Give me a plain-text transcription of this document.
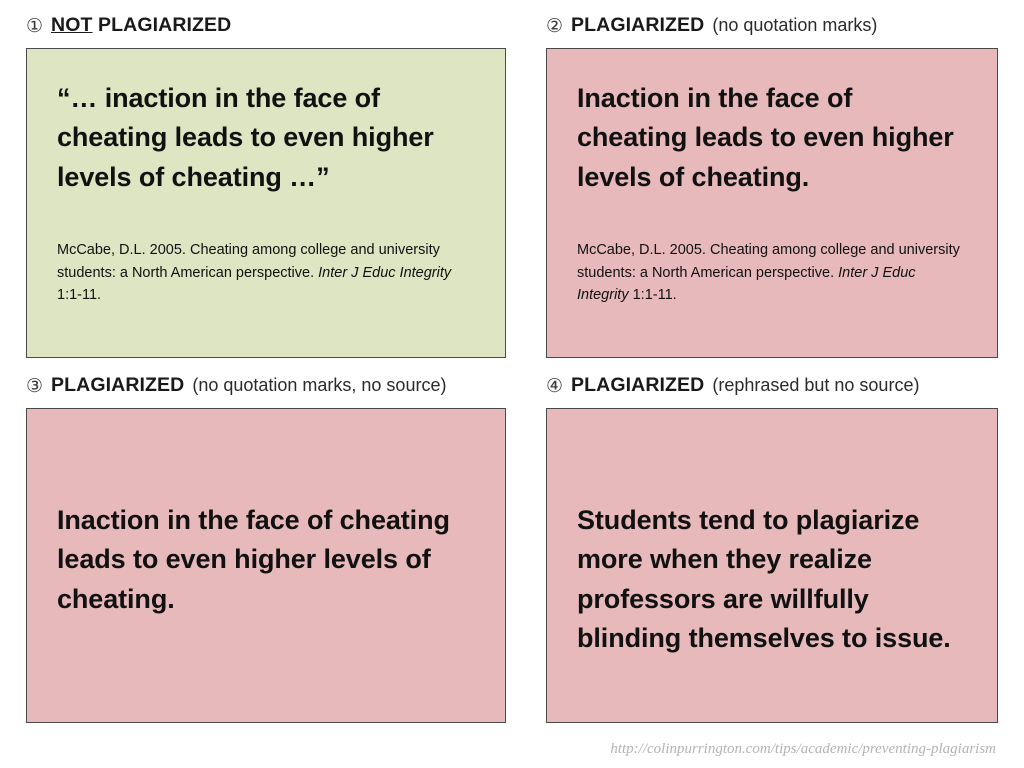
① NOT PLAGIARIZED
“… inaction in the face of cheating leads to even higher levels of cheating …”
McCabe, D.L. 2005. Cheating among college and university students: a North American perspective. Inter J Educ Integrity 1:1-11.
② PLAGIARIZED (no quotation marks)
Inaction in the face of cheating leads to even higher levels of cheating.
McCabe, D.L. 2005. Cheating among college and university students: a North American perspective. Inter J Educ Integrity 1:1-11.
③ PLAGIARIZED (no quotation marks, no source)
Inaction in the face of cheating leads to even higher levels of cheating.
④ PLAGIARIZED (rephrased but no source)
Students tend to plagiarize more when they realize professors are willfully blinding themselves to issue.
http://colinpurrington.com/tips/academic/preventing-plagiarism
